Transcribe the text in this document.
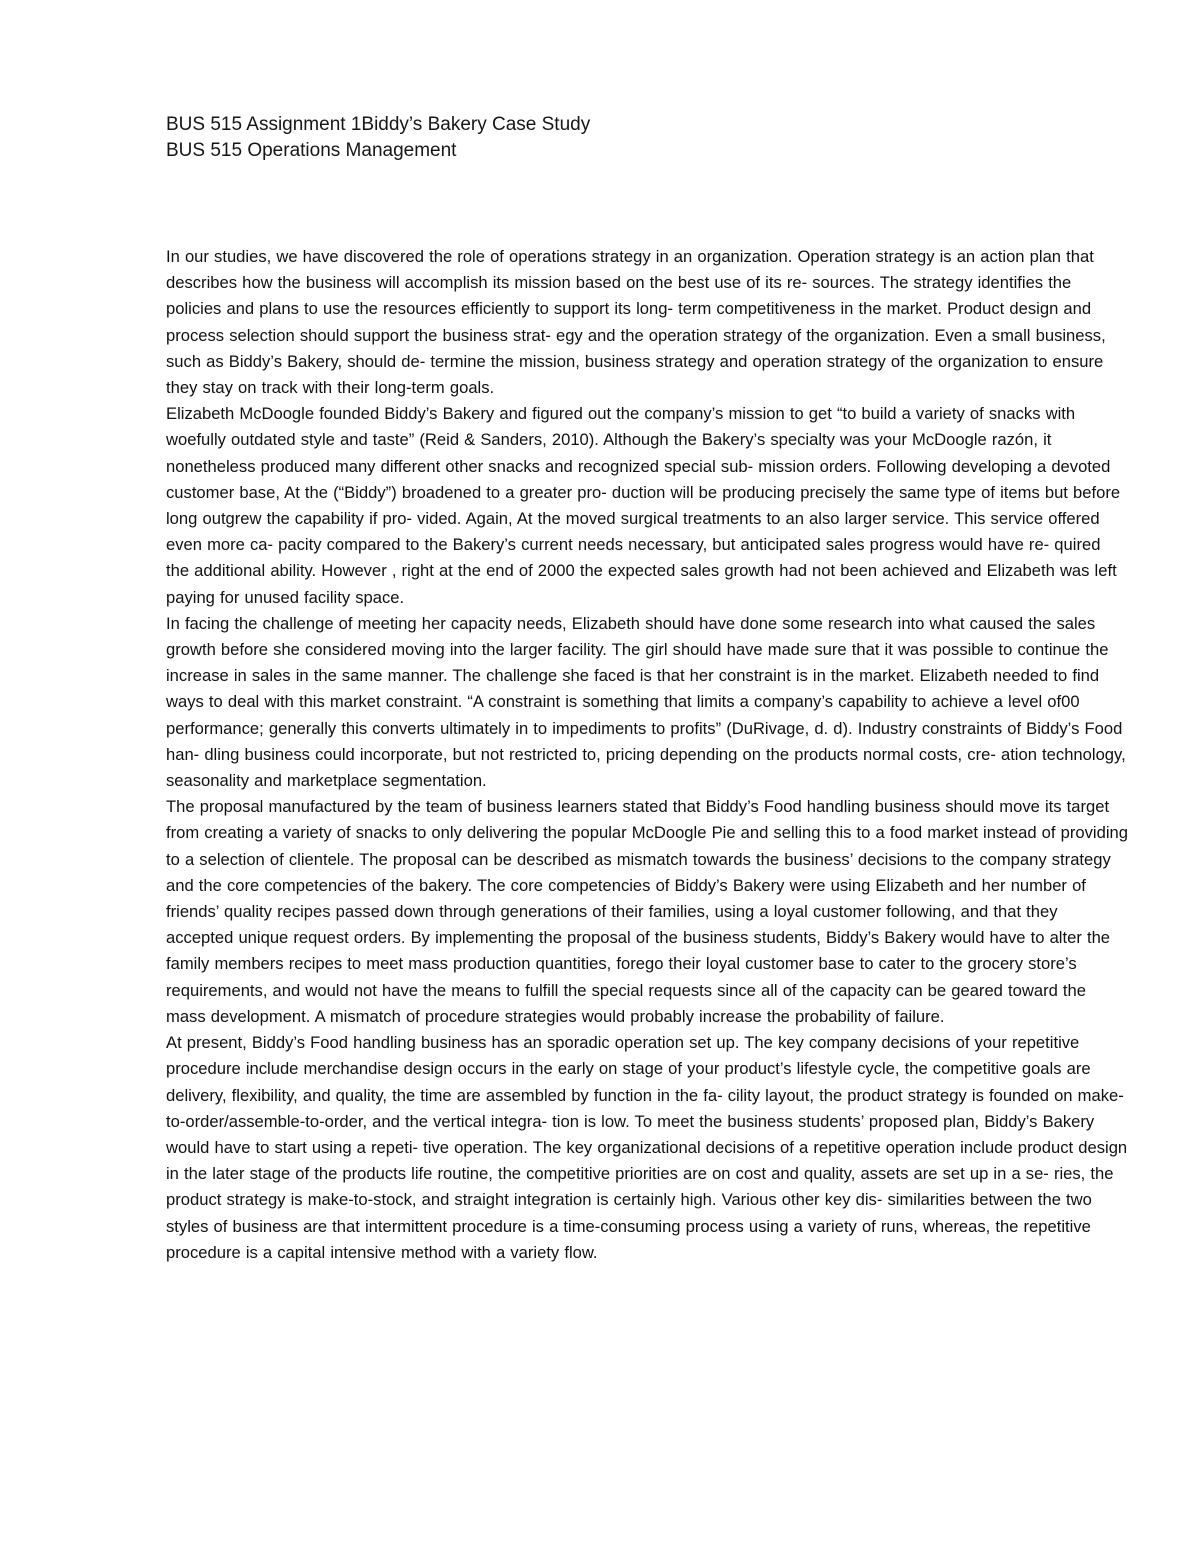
BUS 515 Assignment 1Biddy’s Bakery Case Study
BUS 515 Operations Management

In our studies, we have discovered the role of operations strategy in an organization. Operation strategy is an action plan that describes how the business will accomplish its mission based on the best use of its re- sources. The strategy identifies the policies and plans to use the resources efficiently to support its long- term competitiveness in the market. Product design and process selection should support the business strat- egy and the operation strategy of the organization. Even a small business, such as Biddy’s Bakery, should de- termine the mission, business strategy and operation strategy of the organization to ensure they stay on track with their long-term goals.

Elizabeth McDoogle founded Biddy’s Bakery and figured out the company’s mission to get “to build a variety of snacks with woefully outdated style and taste” (Reid & Sanders, 2010). Although the Bakery’s specialty was your McDoogle razón, it nonetheless produced many different other snacks and recognized special sub- mission orders. Following developing a devoted customer base, At the (“Biddy”) broadened to a greater pro- duction will be producing precisely the same type of items but before long outgrew the capability if pro- vided. Again, At the moved surgical treatments to an also larger service. This service offered even more ca- pacity compared to the Bakery’s current needs necessary, but anticipated sales progress would have re- quired the additional ability. However , right at the end of 2000 the expected sales growth had not been achieved and Elizabeth was left paying for unused facility space.

In facing the challenge of meeting her capacity needs, Elizabeth should have done some research into what caused the sales growth before she considered moving into the larger facility. The girl should have made sure that it was possible to continue the increase in sales in the same manner. The challenge she faced is that her constraint is in the market. Elizabeth needed to find ways to deal with this market constraint. “A constraint is something that limits a company’s capability to achieve a level of00 performance; generally this converts ultimately in to impediments to profits” (DuRivage, d. d). Industry constraints of Biddy’s Food han- dling business could incorporate, but not restricted to, pricing depending on the products normal costs, cre- ation technology, seasonality and marketplace segmentation.

The proposal manufactured by the team of business learners stated that Biddy’s Food handling business should move its target from creating a variety of snacks to only delivering the popular McDoogle Pie and selling this to a food market instead of providing to a selection of clientele. The proposal can be described as mismatch towards the business’ decisions to the company strategy and the core competencies of the bakery. The core competencies of Biddy’s Bakery were using Elizabeth and her number of friends’ quality recipes passed down through generations of their families, using a loyal customer following, and that they accepted unique request orders. By implementing the proposal of the business students, Biddy’s Bakery would have to alter the family members recipes to meet mass production quantities, forego their loyal customer base to cater to the grocery store’s requirements, and would not have the means to fulfill the special requests since all of the capacity can be geared toward the mass development. A mismatch of procedure strategies would probably increase the probability of failure.

At present, Biddy’s Food handling business has an sporadic operation set up. The key company decisions of your repetitive procedure include merchandise design occurs in the early on stage of your product’s lifestyle cycle, the competitive goals are delivery, flexibility, and quality, the time are assembled by function in the fa- cility layout, the product strategy is founded on make-to-order/assemble-to-order, and the vertical integra- tion is low. To meet the business students’ proposed plan, Biddy’s Bakery would have to start using a repeti- tive operation. The key organizational decisions of a repetitive operation include product design in the later stage of the products life routine, the competitive priorities are on cost and quality, assets are set up in a se- ries, the product strategy is make-to-stock, and straight integration is certainly high. Various other key dis- similarities between the two styles of business are that intermittent procedure is a time-consuming process using a variety of runs, whereas, the repetitive procedure is a capital intensive method with a variety flow.
